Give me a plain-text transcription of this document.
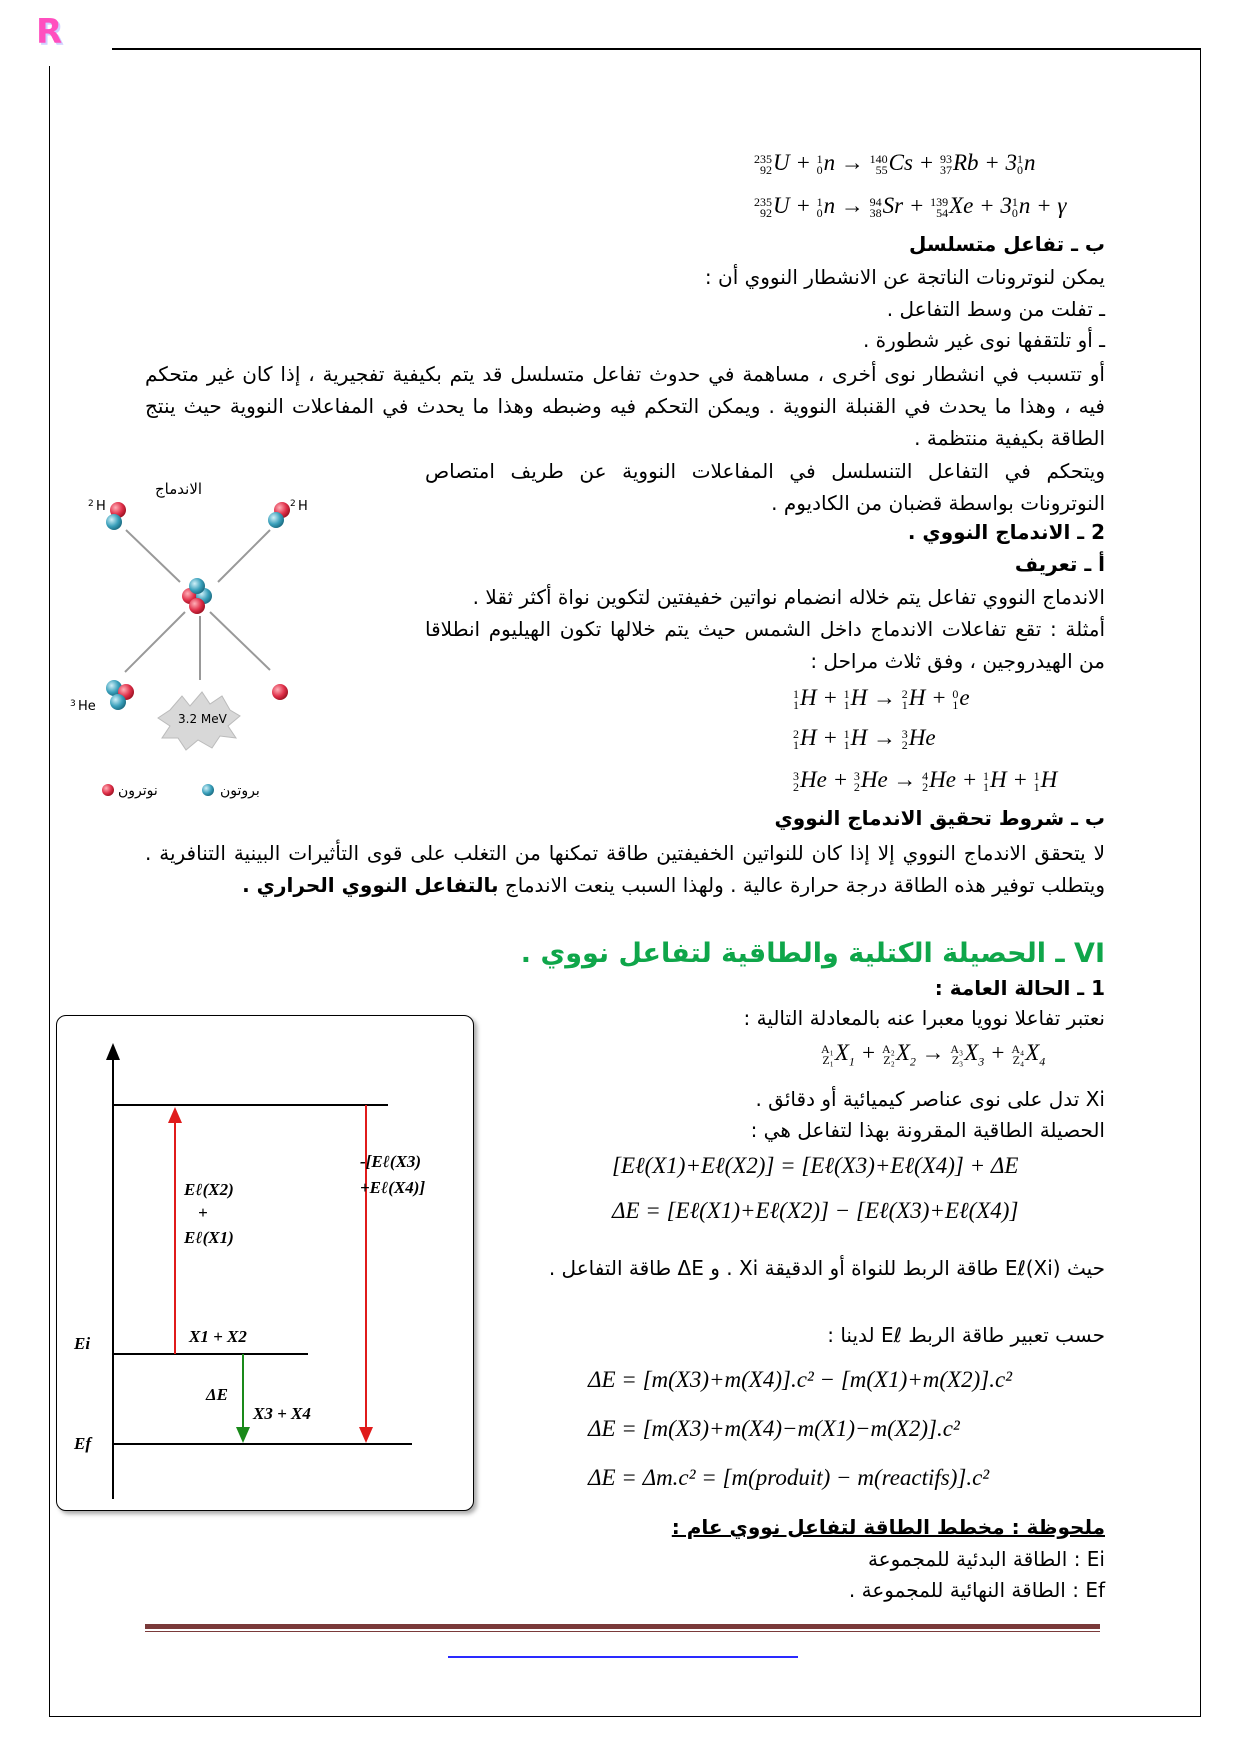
R
235
92 U + 1
0 n → 140
55 Cs + 93
37 Rb + 3 1
0 n
235
92 U + 1
0 n → 94
38 Sr + 139
54 Xe + 3 1
0 n + γ
ب ـ تفاعل متسلسل
يمكن لنوترونات الناتجة عن الانشطار النووي أن :
ـ تفلت من وسط التفاعل .
ـ أو تلتقفها نوى غير شطورة .
أو تتسبب في انشطار نوى أخرى ، مساهمة في حدوث تفاعل متسلسل قد يتم بكيفية تفجيرية ، إذا كان غير متحكم فيه ، وهذا ما يحدث في القنبلة النووية . ويمكن التحكم فيه وضبطه وهذا ما يحدث في المفاعلات النووية حيث ينتج الطاقة بكيفية منتظمة .
ويتحكم في التفاعل التنسلسل في المفاعلات النووية عن طريف امتصاص النوترونات بواسطة قضبان من الكاديوم .
2 ـ الاندماج النووي .
أ ـ تعريف
الاندماج النووي تفاعل يتم خلاله انضمام نواتين خفيفتين لتكوين نواة أكثر ثقلا .
أمثلة : تقع تفاعلات الاندماج داخل الشمس حيث يتم خلالها تكون الهيليوم انطلاقا من الهيدروجين ، وفق ثلاث مراحل :
1
1 H + 1
1 H → 2
1 H + 0
1 e
2
1 H + 1
1 H → 3
2 He
3
2 He + 3
2 He → 4
2 He + 1
1 H + 1
1 H
الاندماج
2 H	2 H
3 He
3.2 MeV
نوترون	بروتون
ب ـ شروط تحقيق الاندماج النووي
لا يتحقق الاندماج النووي إلا إذا كان للنواتين الخفيفتين طاقة تمكنها من التغلب على قوى التأثيرات البينية التنافرية . ويتطلب توفير هذه الطاقة درجة حرارة عالية . ولهذا السبب ينعت الاندماج بالتفاعل النووي الحراري .
VI ـ الحصيلة الكتلية والطاقية لتفاعل نووي .
1 ـ الحالة العامة :
نعتبر تفاعلا نوويا معبرا عنه بالمعادلة التالية :
A₁
Z₁ $X_1 + A_2$
Z₂ $X_2 \to A_3$
Z₃ $X_3 + A_4$
Z₄ $X_4$
Xi تدل على نوى عناصر كيميائية أو دقائق .
الحصيلة الطاقية المقرونة بهذا لتفاعل هي :
[Eℓ(X1)+Eℓ(X2)] = [Eℓ(X3)+Eℓ(X4)] + ΔE
ΔE = [Eℓ(X1)+Eℓ(X2)] − [Eℓ(X3)+Eℓ(X4)]
حيث Eℓ(Xi) طاقة الربط للنواة أو الدقيقة Xi . و ΔE طاقة التفاعل .
حسب تعبير طاقة الربط Eℓ لدينا :
ΔE = [m(X3)+m(X4)].c² − [m(X1)+m(X2)].c²
ΔE = [m(X3)+m(X4)−m(X1)−m(X2)].c²
ΔE = Δm.c² = [m(produit) − m(reactifs)].c²
ملحوظة : مخطط الطاقة لتفاعل نووي عام :
Ei : الطاقة البدئية للمجموعة
Ef : الطاقة النهائية للمجموعة .
Eℓ(X2)
+
Eℓ(X1)
-[Eℓ(X3)
+Eℓ(X4)]
Ei
Ef
X1 + X2
X3 + X4
ΔE
